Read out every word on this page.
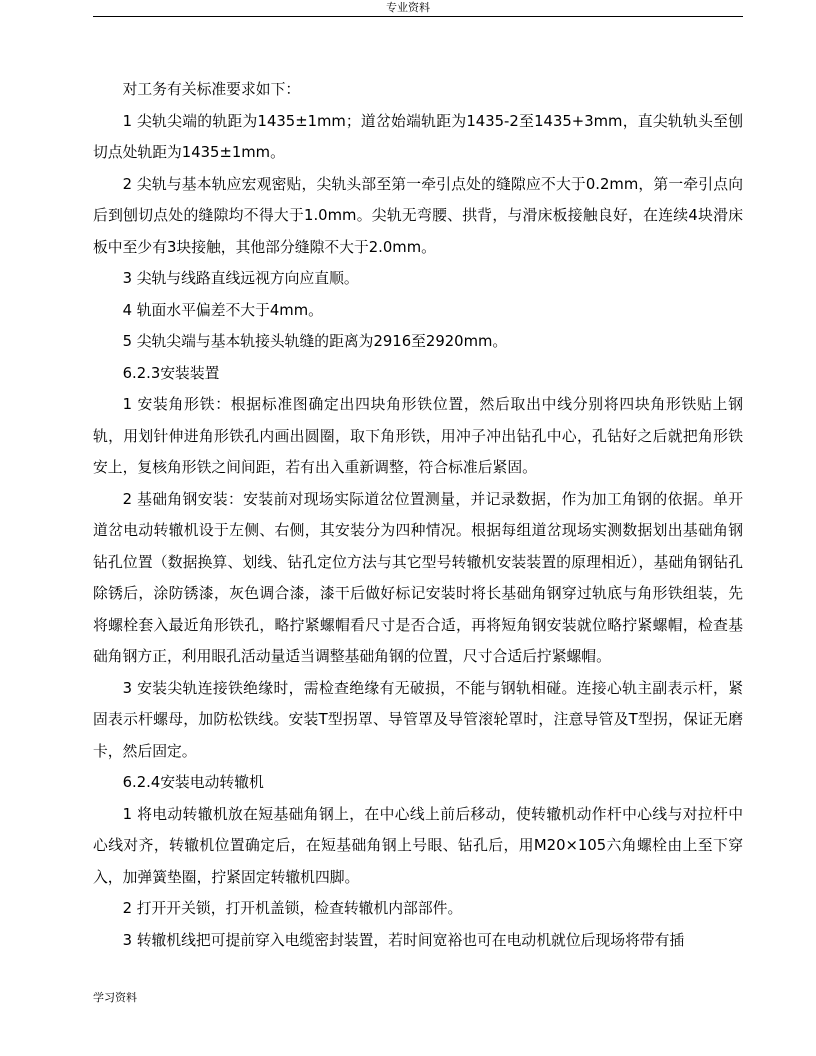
专业资料

对工务有关标准要求如下：

1 尖轨尖端的轨距为1435±1mm；道岔始端轨距为1435-2至1435+3mm，直尖轨轨头至刨切点处轨距为1435±1mm。

2 尖轨与基本轨应宏观密贴，尖轨头部至第一牵引点处的缝隙应不大于0.2mm，第一牵引点向后到刨切点处的缝隙均不得大于1.0mm。尖轨无弯腰、拱背，与滑床板接触良好，在连续4块滑床板中至少有3块接触，其他部分缝隙不大于2.0mm。

3 尖轨与线路直线远视方向应直顺。

4 轨面水平偏差不大于4mm。

5 尖轨尖端与基本轨接头轨缝的距离为2916至2920mm。

6.2.3安装装置

1 安装角形铁：根据标准图确定出四块角形铁位置，然后取出中线分别将四块角形铁贴上钢轨，用划针伸进角形铁孔内画出圆圈，取下角形铁，用冲子冲出钻孔中心，孔钻好之后就把角形铁安上，复核角形铁之间间距，若有出入重新调整，符合标准后紧固。

2 基础角钢安装：安装前对现场实际道岔位置测量，并记录数据，作为加工角钢的依据。单开道岔电动转辙机设于左侧、右侧，其安装分为四种情况。根据每组道岔现场实测数据划出基础角钢钻孔位置（数据换算、划线、钻孔定位方法与其它型号转辙机安装装置的原理相近），基础角钢钻孔除锈后，涂防锈漆，灰色调合漆，漆干后做好标记安装时将长基础角钢穿过轨底与角形铁组装，先将螺栓套入最近角形铁孔，略拧紧螺帽看尺寸是否合适，再将短角钢安装就位略拧紧螺帽，检查基础角钢方正，利用眼孔活动量适当调整基础角钢的位置，尺寸合适后拧紧螺帽。

3 安装尖轨连接铁绝缘时，需检查绝缘有无破损，不能与钢轨相碰。连接心轨主副表示杆，紧固表示杆螺母，加防松铁线。安装T型拐罩、导管罩及导管滚轮罩时，注意导管及T型拐，保证无磨卡，然后固定。

6.2.4安装电动转辙机

1 将电动转辙机放在短基础角钢上，在中心线上前后移动，使转辙机动作杆中心线与对拉杆中心线对齐，转辙机位置确定后，在短基础角钢上号眼、钻孔后，用M20×105六角螺栓由上至下穿入，加弹簧垫圈，拧紧固定转辙机四脚。

2 打开开关锁，打开机盖锁，检查转辙机内部部件。

3 转辙机线把可提前穿入电缆密封装置，若时间宽裕也可在电动机就位后现场将带有插

学习资料
